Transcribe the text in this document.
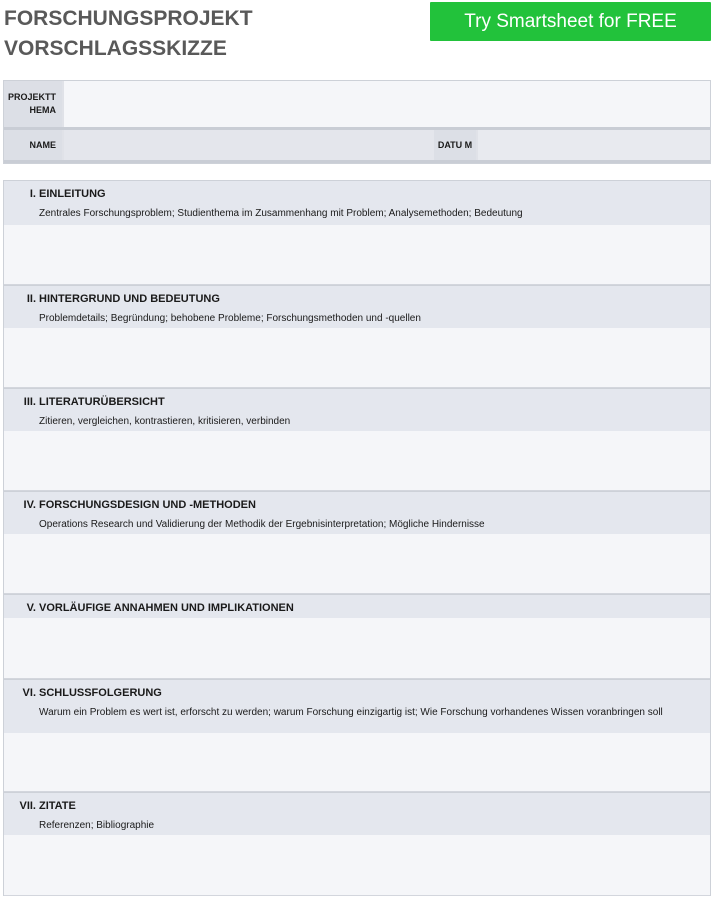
FORSCHUNGSPROJEKT
VORSCHLAGSSKIZZE
Try Smartsheet for FREE
PROJEKTT HEMA
NAME	DATU M
I. EINLEITUNG

Zentrales Forschungsproblem; Studienthema im Zusammenhang mit Problem; Analysemethoden; Bedeutung

II. HINTERGRUND UND BEDEUTUNG

Problemdetails; Begründung; behobene Probleme; Forschungsmethoden und -quellen

III. LITERATURÜBERSICHT

Zitieren, vergleichen, kontrastieren, kritisieren, verbinden

IV. FORSCHUNGSDESIGN UND -METHODEN

Operations Research und Validierung der Methodik der Ergebnisinterpretation; Mögliche Hindernisse

V. VORLÄUFIGE ANNAHMEN UND IMPLIKATIONEN

VI. SCHLUSSFOLGERUNG

Warum ein Problem es wert ist, erforscht zu werden; warum Forschung einzigartig ist; Wie Forschung vorhandenes Wissen voranbringen soll

VII. ZITATE

Referenzen; Bibliographie
